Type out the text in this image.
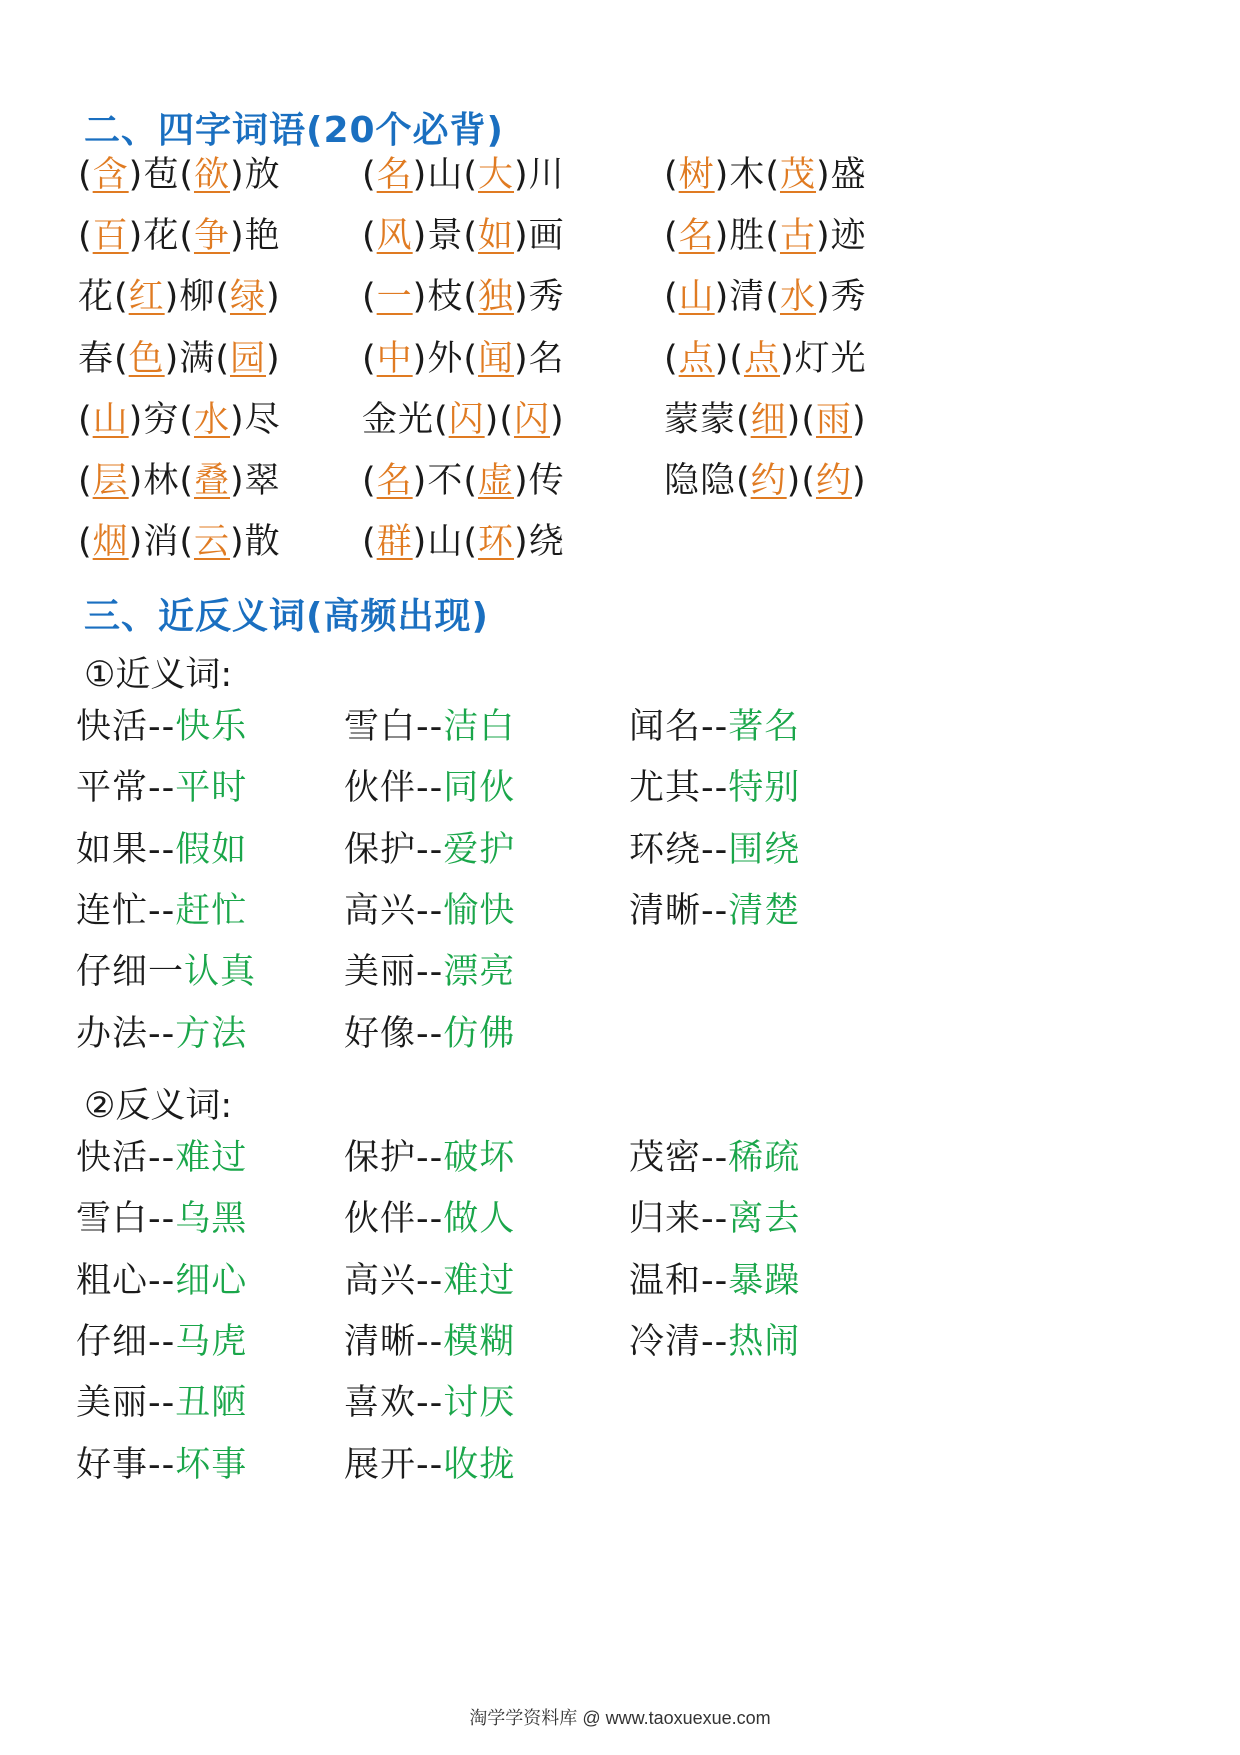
二、四字词语(20个必背)
(含)苞(欲)放 (名)山(大)川	(树)木(茂)盛
(百)花(争)艳 (风)景(如)画	(名)胜(古)迹
花(红)柳(绿) (一)枝(独)秀	(山)清(水)秀
春(色)满(园) (中)外(闻)名	(点)(点)灯光
(山)穷(水)尽 金光(闪)(闪)	蒙蒙(细)(雨)
(层)林(叠)翠 (名)不(虚)传	隐隐(约)(约)
(烟)消(云)散 (群)山(环)绕
三、近反义词(高频出现)
①近义词:
快活--快乐	雪白--洁白	闻名--著名
平常--平时	伙伴--同伙	尤其--特别
如果--假如	保护--爱护	环绕--围绕
连忙--赶忙	高兴--愉快	清晰--清楚
仔细一认真	美丽--漂亮
办法--方法	好像--仿佛
②反义词:
快活--难过	保护--破坏	茂密--稀疏
雪白--乌黑	伙伴--做人	归来--离去
粗心--细心	高兴--难过	温和--暴躁
仔细--马虎	清晰--模糊	冷清--热闹
美丽--丑陋	喜欢--讨厌
好事--坏事	展开--收拢
淘学学资料库 @ www.taoxuexue.com
